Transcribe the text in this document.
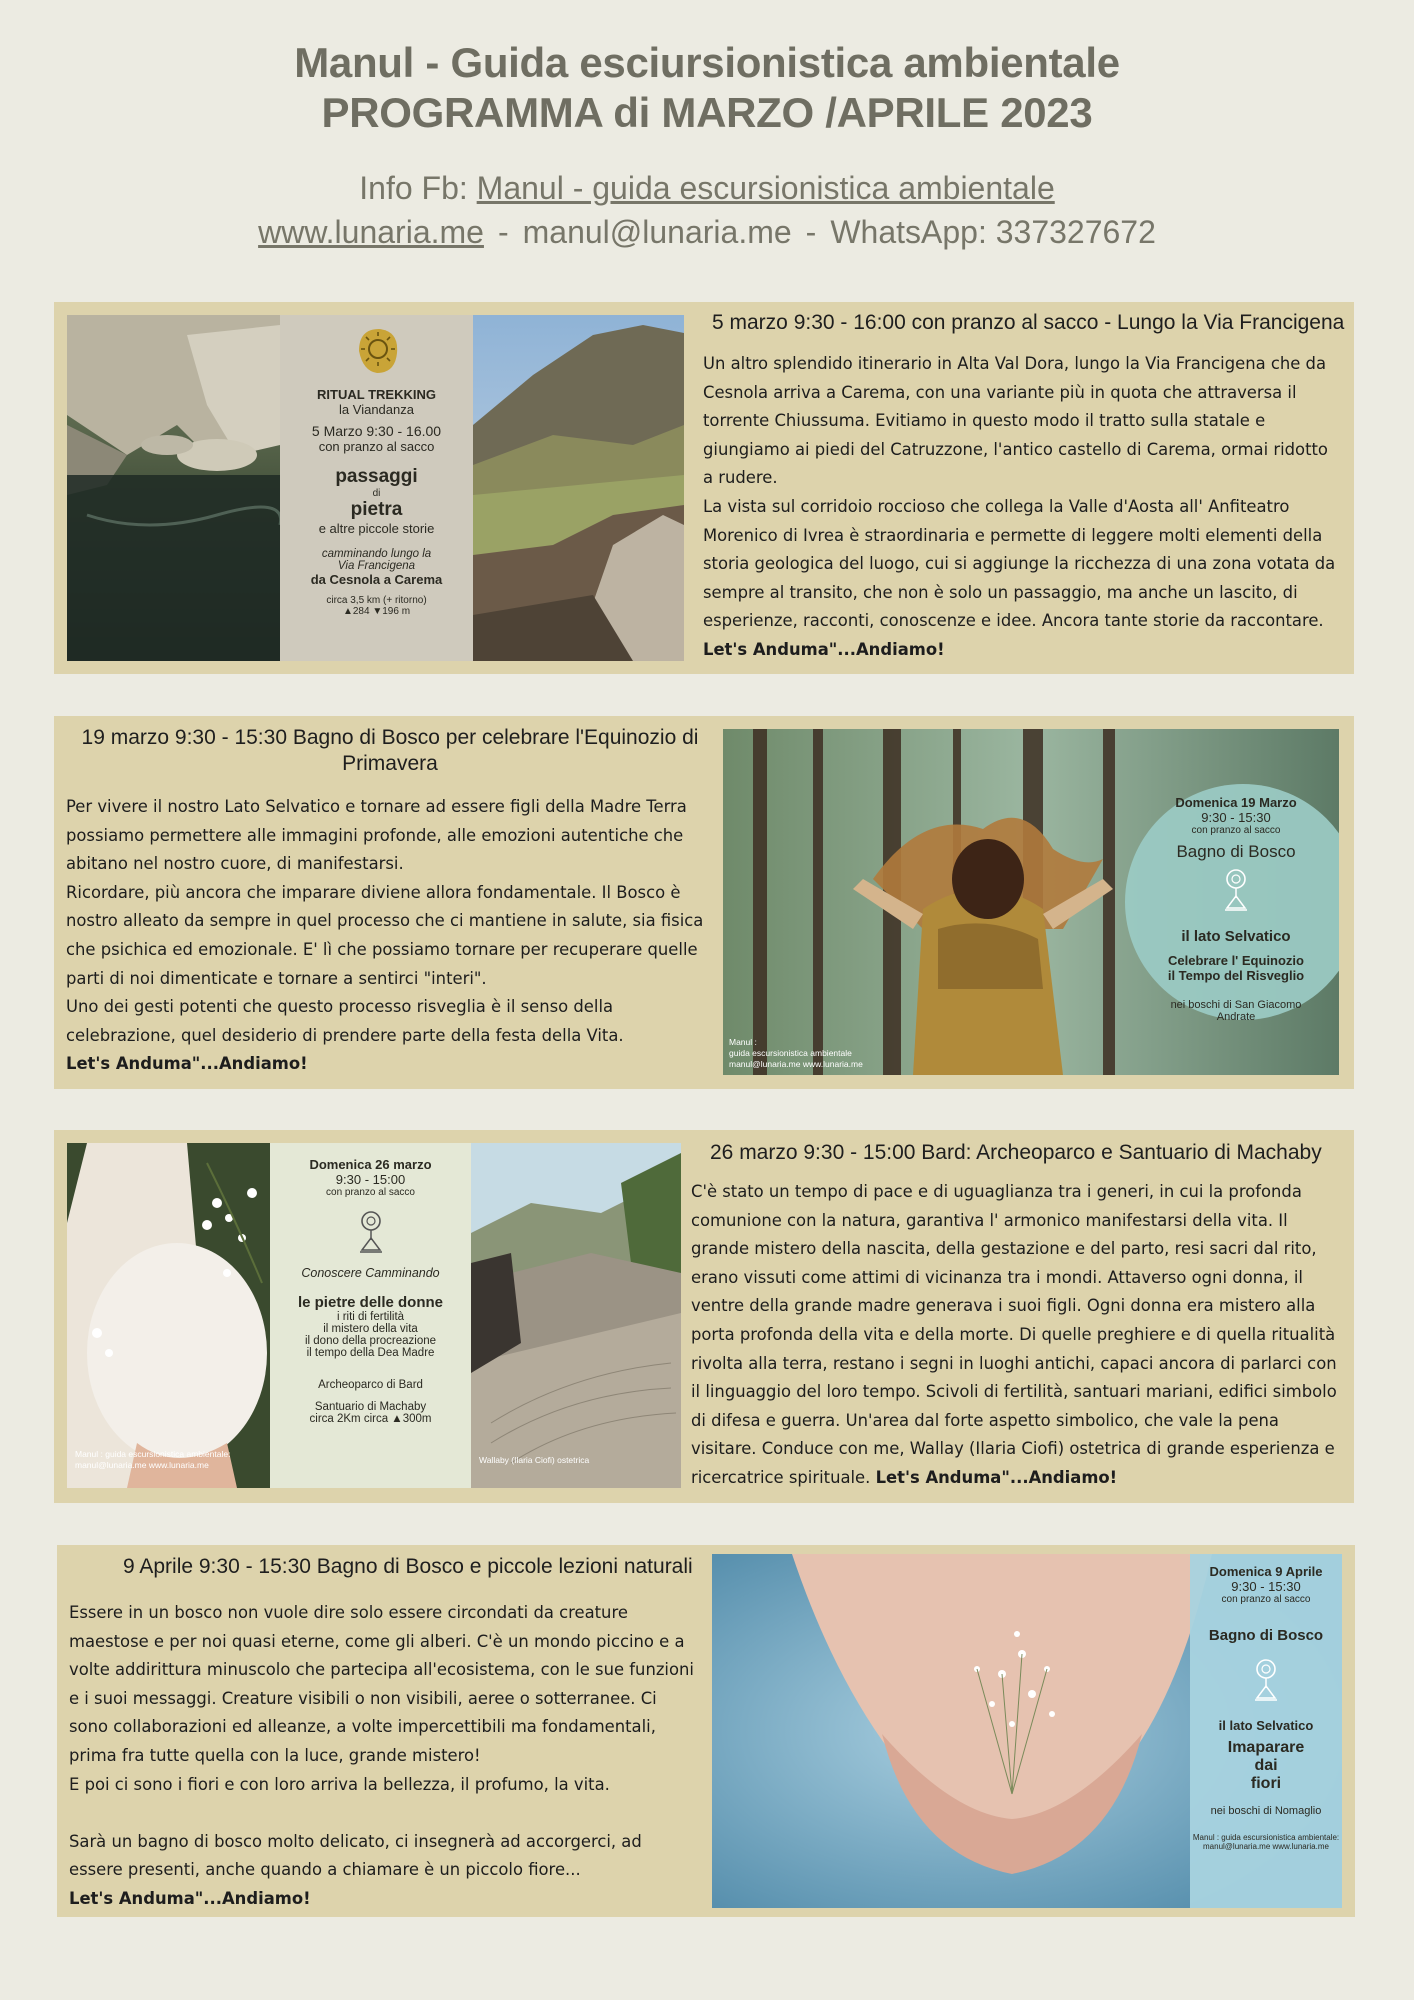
Manul - Guida esciursionistica ambientale
PROGRAMMA di MARZO /APRILE 2023
Info Fb: Manul - guida escursionistica ambientale
www.lunaria.me - manul@lunaria.me - WhatsApp: 337327672
RITUAL TREKKING
la Viandanza
5 Marzo 9:30 - 16.00
con pranzo al sacco
passaggi
di
pietra
e altre piccole storie
camminando lungo la
Via Francigena
da Cesnola a Carema
circa 3,5 km (+ ritorno)
▲284 ▼196 m
5 marzo 9:30 - 16:00 con pranzo al sacco - Lungo la Via Francigena

Un altro splendido itinerario in Alta Val Dora, lungo la Via Francigena che da Cesnola arriva a Carema, con una variante più in quota che attraversa il torrente Chiussuma. Evitiamo in questo modo il tratto sulla statale e giungiamo ai piedi del Catruzzone, l'antico castello di Carema, ormai ridotto a rudere.

La vista sul corridoio roccioso che collega la Valle d'Aosta all' Anfiteatro Morenico di Ivrea è straordinaria e permette di leggere molti elementi della storia geologica del luogo, cui si aggiunge la ricchezza di una zona votata da sempre al transito, che non è solo un passaggio, ma anche un lascito, di esperienze, racconti, conoscenze e idee. Ancora tante storie da raccontare. Let's Anduma"...Andiamo!

19 marzo 9:30 - 15:30 Bagno di Bosco per celebrare l'Equinozio di
Primavera

Per vivere il nostro Lato Selvatico e tornare ad essere figli della Madre Terra possiamo permettere alle immagini profonde, alle emozioni autentiche che abitano nel nostro cuore, di manifestarsi.

Ricordare, più ancora che imparare diviene allora fondamentale. Il Bosco è nostro alleato da sempre in quel processo che ci mantiene in salute, sia fisica che psichica ed emozionale. E' lì che possiamo tornare per recuperare quelle parti di noi dimenticate e tornare a sentirci "interi".

Uno dei gesti potenti che questo processo risveglia è il senso della celebrazione, quel desiderio di prendere parte della festa della Vita.

Let's Anduma"...Andiamo!

Domenica 19 Marzo
9:30 - 15:30
con pranzo al sacco
Bagno di Bosco
il lato Selvatico
Celebrare l' Equinozio
il Tempo del Risveglio
nei boschi di San Giacomo
Andrate
Manul :
guida escursionistica ambientale
manul@lunaria.me www.lunaria.me
Domenica 26 marzo
9:30 - 15:00
con pranzo al sacco
Conoscere Camminando
le pietre delle donne
i riti di fertilità
il mistero della vita
il dono della procreazione
il tempo della Dea Madre
Archeoparco di Bard
Santuario di Machaby
circa 2Km circa ▲300m
Manul : guida escursionistica ambientale:
manul@lunaria.me www.lunaria.me	Wallaby (Ilaria Ciofi) ostetrica
26 marzo 9:30 - 15:00 Bard: Archeoparco e Santuario di Machaby

C'è stato un tempo di pace e di uguaglianza tra i generi, in cui la profonda comunione con la natura, garantiva l' armonico manifestarsi della vita. Il grande mistero della nascita, della gestazione e del parto, resi sacri dal rito, erano vissuti come attimi di vicinanza tra i mondi. Attaverso ogni donna, il ventre della grande madre generava i suoi figli. Ogni donna era mistero alla porta profonda della vita e della morte. Di quelle preghiere e di quella ritualità rivolta alla terra, restano i segni in luoghi antichi, capaci ancora di parlarci con il linguaggio del loro tempo. Scivoli di fertilità, santuari mariani, edifici simbolo di difesa e guerra. Un'area dal forte aspetto simbolico, che vale la pena visitare. Conduce con me, Wallay (Ilaria Ciofi) ostetrica di grande esperienza e ricercatrice spirituale. Let's Anduma"...Andiamo!

9 Aprile 9:30 - 15:30 Bagno di Bosco e piccole lezioni naturali

Essere in un bosco non vuole dire solo essere circondati da creature maestose e per noi quasi eterne, come gli alberi. C'è un mondo piccino e a volte addirittura minuscolo che partecipa all'ecosistema, con le sue funzioni e i suoi messaggi. Creature visibili o non visibili, aeree o sotterranee. Ci sono collaborazioni ed alleanze, a volte impercettibili ma fondamentali, prima fra tutte quella con la luce, grande mistero!

E poi ci sono i fiori e con loro arriva la bellezza, il profumo, la vita.

Sarà un bagno di bosco molto delicato, ci insegnerà ad accorgerci, ad essere presenti, anche quando a chiamare è un piccolo fiore...

Let's Anduma"...Andiamo!

Domenica 9 Aprile
9:30 - 15:30
con pranzo al sacco
Bagno di Bosco
il lato Selvatico
Imaparare
dai
fiori
nei boschi di Nomaglio
Manul : guida escursionistica ambientale:
manul@lunaria.me www.lunaria.me
